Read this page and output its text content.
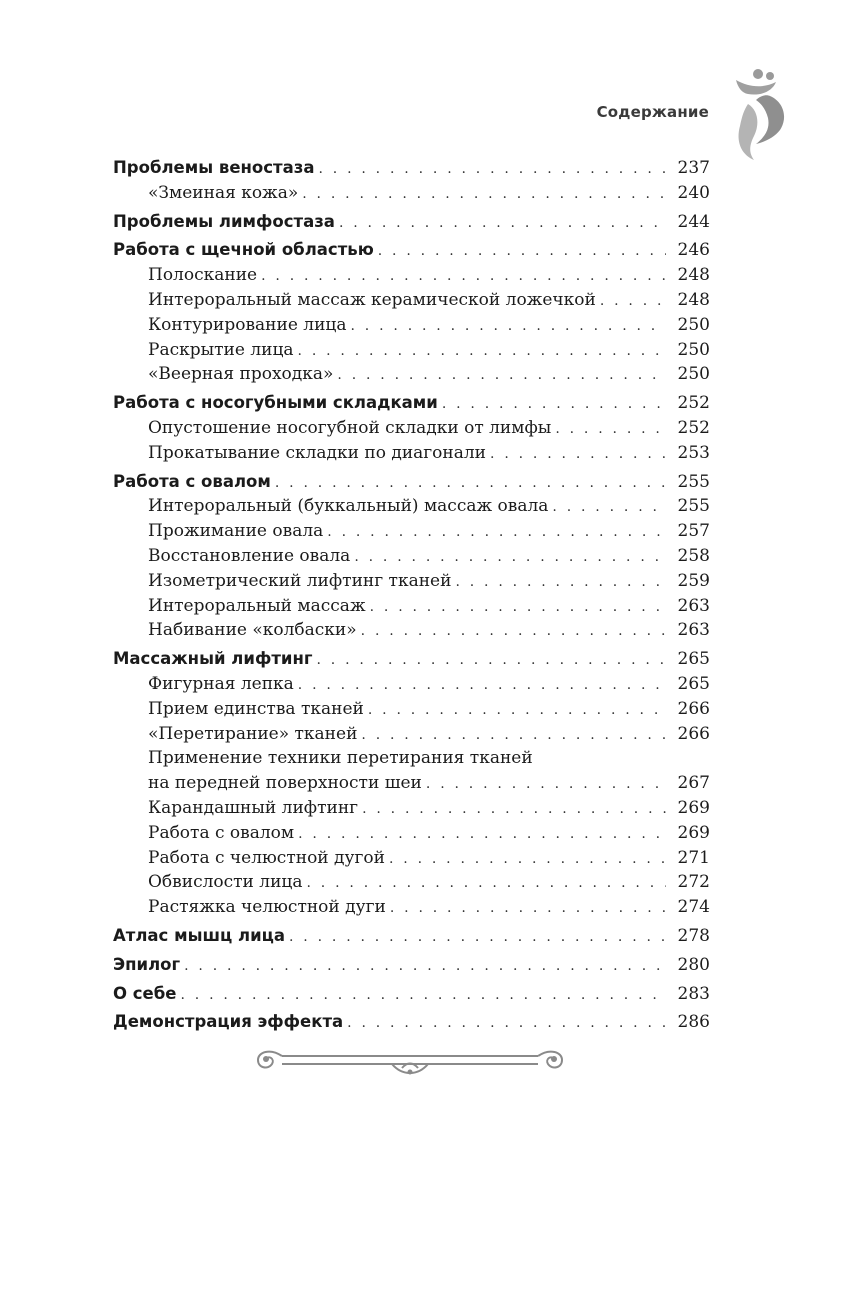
Содержание
Проблемы веностаза . . .	237
«Змеиная кожа» . . .	240
Проблемы лимфостаза . . .	244
Работа с щечной областью . . .	246
Полоскание . . .	248
Интероральный массаж керамической ложечкой . . .	248
Контурирование лица . . .	250
Раскрытие лица . . .	250
«Веерная проходка» . . .	250
Работа с носогубными складками . . .	252
Опустошение носогубной складки от лимфы . . .	252
Прокатывание складки по диагонали . . .	253
Работа с овалом . . .	255
Интероральный (буккальный) массаж овала . . .	255
Прожимание овала . . .	257
Восстановление овала . . .	258
Изометрический лифтинг тканей . . .	259
Интероральный массаж . . .	263
Набивание «колбаски» . . .	263
Массажный лифтинг . . .	265
Фигурная лепка . . .	265
Прием единства тканей . . .	266
«Перетирание» тканей . . .	266
Применение техники перетирания тканей
на передней поверхности шеи . . .	267
Карандашный лифтинг . . .	269
Работа с овалом . . .	269
Работа с челюстной дугой . . .	271
Обвислости лица . . .	272
Растяжка челюстной дуги . . .	274
Атлас мышц лица . . .	278
Эпилог . . .	280
О себе . . .	283
Демонстрация эффекта . . .	286
